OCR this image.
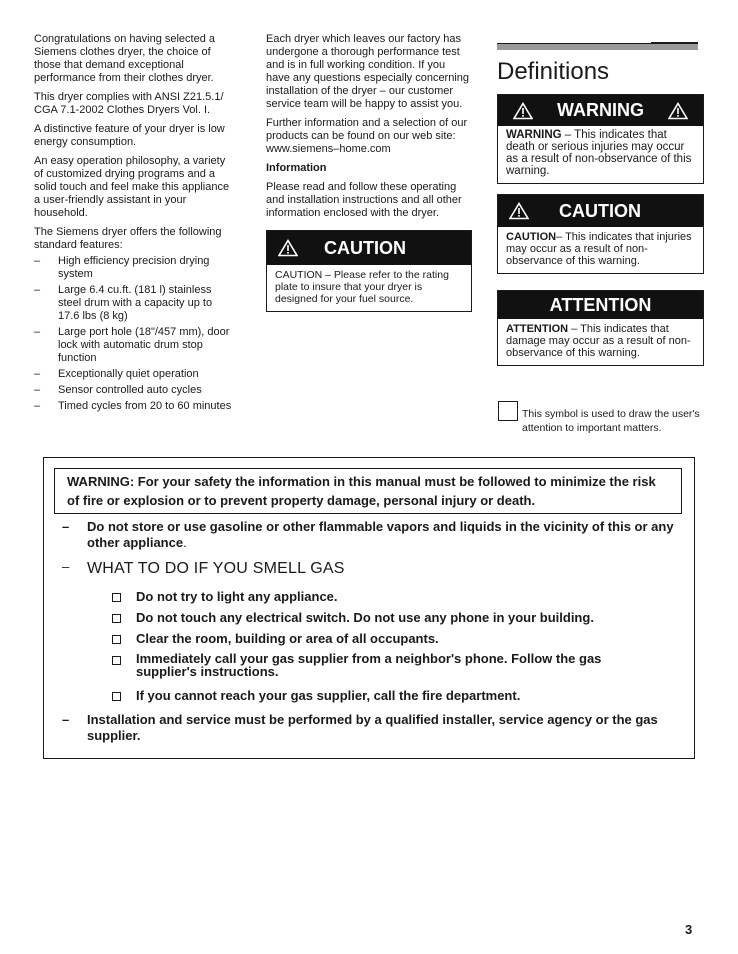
Congratulations on having selected a Siemens clothes dryer, the choice of those that demand exceptional performance from their clothes dryer.

This dryer complies with ANSI Z21.5.1/ CGA 7.1-2002 Clothes Dryers Vol. I.

A distinctive feature of your dryer is low energy consumption.

An easy operation philosophy, a variety of customized drying programs and a solid touch and feel make this appliance a user-friendly assistant in your household.

The Siemens dryer offers the following standard features:

– High efficiency precision drying system
– Large 6.4 cu.ft. (181 l) stainless steel drum with a capacity up to 17.6 lbs (8 kg)
– Large port hole (18"/457 mm), door lock with automatic drum stop function
– Exceptionally quiet operation
– Sensor controlled auto cycles
– Timed cycles from 20 to 60 minutes

Each dryer which leaves our factory has undergone a thorough performance test and is in full working condition. If you have any questions especially concerning installation of the dryer – our customer service team will be happy to assist you.

Further information and a selection of our products can be found on our web site:
www.siemens–home.com

Information

Please read and follow these operating and installation instructions and all other information enclosed with the dryer.

CAUTION
CAUTION – Please refer to the rating plate to insure that your dryer is designed for your fuel source.
Definitions
WARNING
WARNING – This indicates that death or serious injuries may occur as a result of non-observance of this warning.
CAUTION
CAUTION– This indicates that injuries may occur as a result of non-observance of this warning.
ATTENTION
ATTENTION – This indicates that damage may occur as a result of non-observance of this warning.
This symbol is used to draw the user's attention to important matters.
WARNING: For your safety the information in this manual must be followed to minimize the risk of fire or explosion or to prevent property damage, personal injury or death.
– Do not store or use gasoline or other flammable vapors and liquids in the vicinity of this or any other appliance.
– WHAT TO DO IF YOU SMELL GAS
Do not try to light any appliance.
Do not touch any electrical switch. Do not use any phone in your building.
Clear the room, building or area of all occupants.
Immediately call your gas supplier from a neighbor's phone. Follow the gas supplier's instructions.
If you cannot reach your gas supplier, call the fire department.
– Installation and service must be performed by a qualified installer, service agency or the gas supplier.
3
